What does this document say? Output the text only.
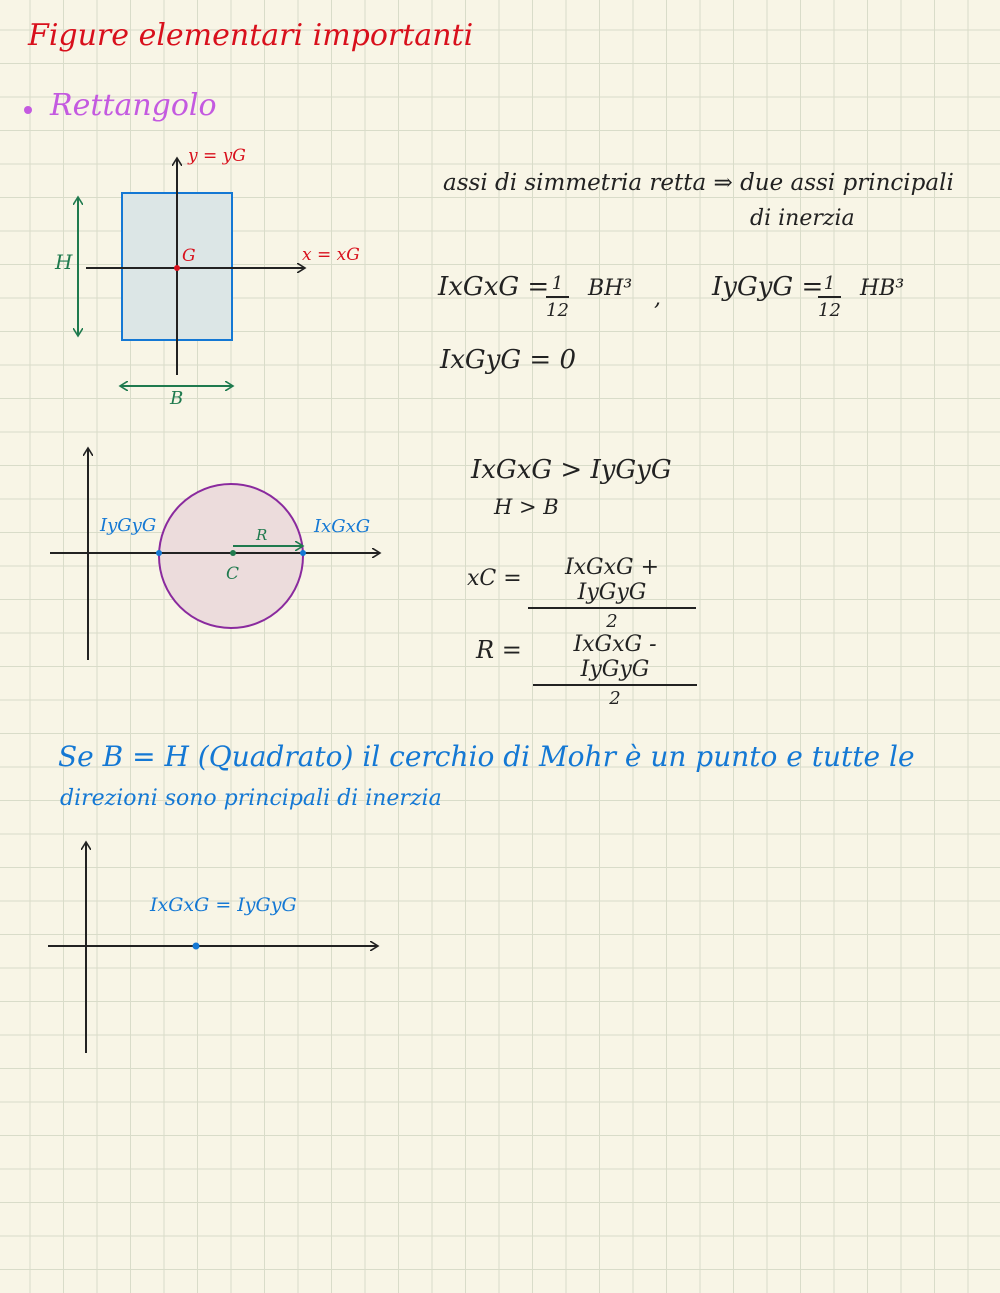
Figure elementari importanti
Rettangolo
y = yG
x = xG
G
H
B
assi di simmetria retta ⇒ due assi principali
di inerzia
IxGxG =
$\frac{1}{12} BH^3$ , IyGyG =
$\frac{1}{12} HB^3$
IxGyG = 0
IyGyG	IxGxG
R
C
IxGxG > IyGyG
H > B
xC =	IxGxG + IyGyG
2
R =	IxGxG - IyGyG
2
Se B = H (Quadrato) il cerchio di Mohr è un punto e tutte le
direzioni sono principali di inerzia
IxGxG = IyGyG
